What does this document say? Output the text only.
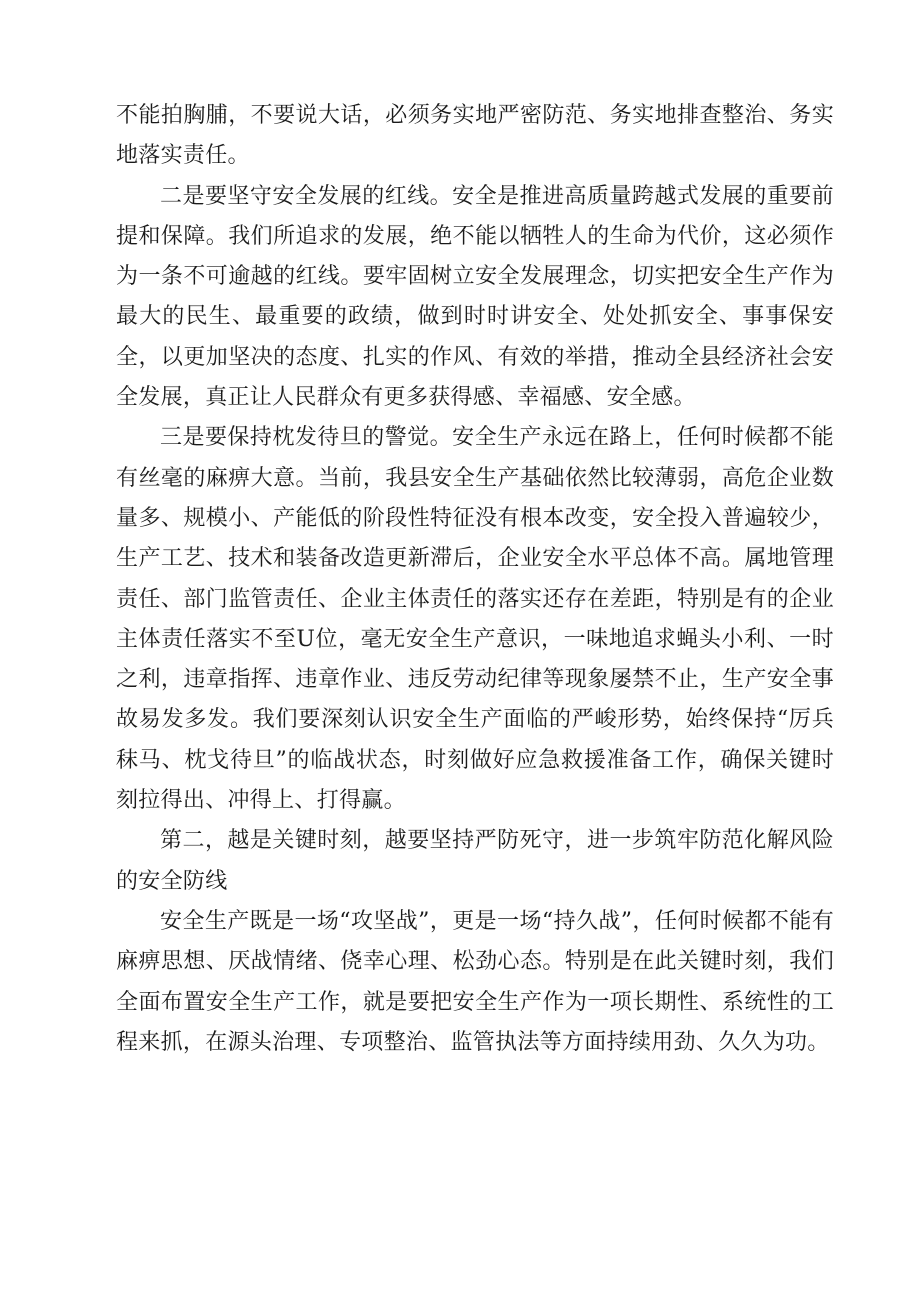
不能拍胸脯，不要说大话，必须务实地严密防范、务实地排查整治、务实地落实责任。

二是要坚守安全发展的红线。安全是推进高质量跨越式发展的重要前提和保障。我们所追求的发展，绝不能以牺牲人的生命为代价，这必须作为一条不可逾越的红线。要牢固树立安全发展理念，切实把安全生产作为最大的民生、最重要的政绩，做到时时讲安全、处处抓安全、事事保安全，以更加坚决的态度、扎实的作风、有效的举措，推动全县经济社会安全发展，真正让人民群众有更多获得感、幸福感、安全感。

三是要保持枕发待旦的警觉。安全生产永远在路上，任何时候都不能有丝毫的麻痹大意。当前，我县安全生产基础依然比较薄弱，高危企业数量多、规模小、产能低的阶段性特征没有根本改变，安全投入普遍较少，生产工艺、技术和装备改造更新滞后，企业安全水平总体不高。属地管理责任、部门监管责任、企业主体责任的落实还存在差距，特别是有的企业主体责任落实不至U位，毫无安全生产意识，一味地追求蝇头小利、一时之利，违章指挥、违章作业、违反劳动纪律等现象屡禁不止，生产安全事故易发多发。我们要深刻认识安全生产面临的严峻形势，始终保持“厉兵秣马、枕戈待旦”的临战状态，时刻做好应急救援准备工作，确保关键时刻拉得出、冲得上、打得赢。

第二，越是关键时刻，越要坚持严防死守，进一步筑牢防范化解风险的安全防线

安全生产既是一场“攻坚战”，更是一场“持久战”，任何时候都不能有麻痹思想、厌战情绪、侥幸心理、松劲心态。特别是在此关键时刻，我们全面布置安全生产工作，就是要把安全生产作为一项长期性、系统性的工程来抓，在源头治理、专项整治、监管执法等方面持续用劲、久久为功。
